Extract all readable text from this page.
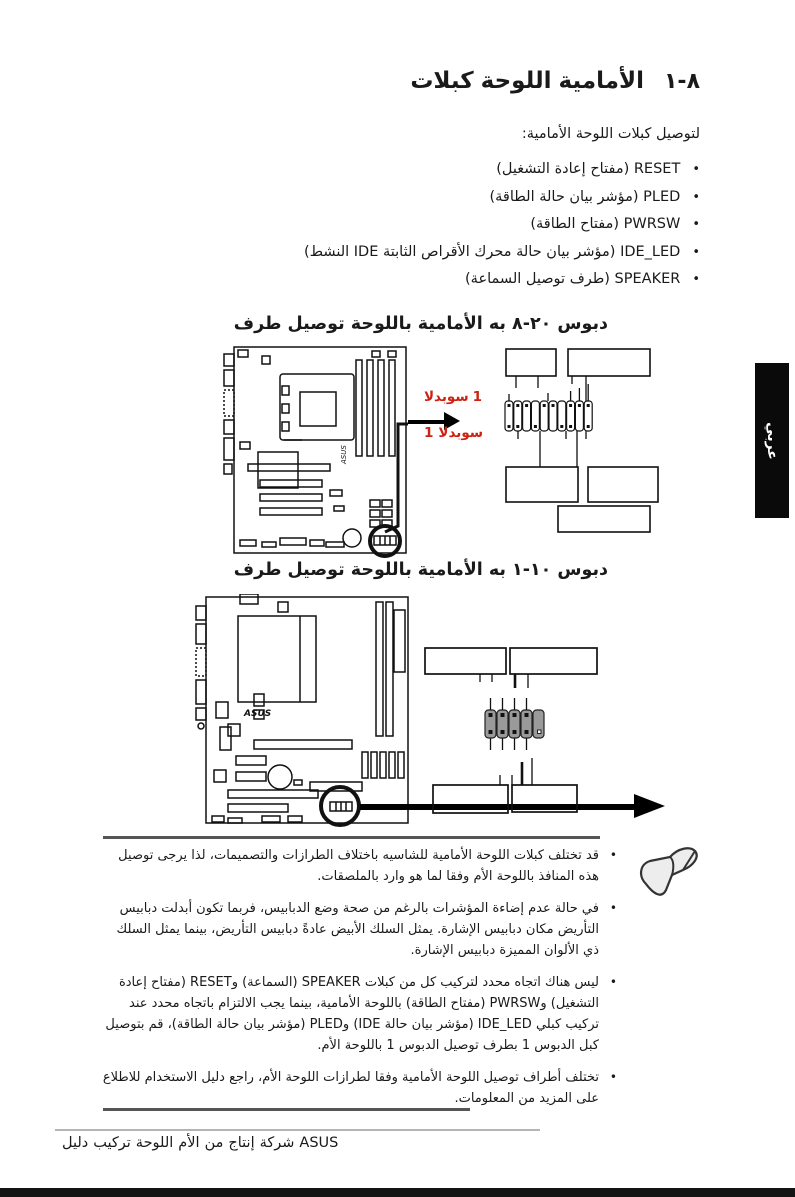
كبلات اللوحة الأمامية ٨-١
لتوصيل كبلات اللوحة الأمامية:
• RESET (مفتاح إعادة التشغيل)
• PLED (مؤشر بيان حالة الطاقة)
• PWRSW (مفتاح الطاقة)
• IDE_LED (مؤشر بيان حالة محرك الأقراص الثابتة IDE النشط)
• SPEAKER (طرف توصيل السماعة)
طرف توصيل باللوحة الأمامية به ٢٠-٨ دبوس
ASUS
سوبدلا 1
1 سوبدلا	عربي
طرف توصيل باللوحة الأمامية به ١٠-١ دبوس
ASUS
• قد تختلف كبلات اللوحة الأمامية للشاسيه باختلاف الطرازات والتصميمات، لذا يرجى توصيل هذه المنافذ باللوحة الأم وفقا لما هو وارد بالملصقات.
• في حالة عدم إضاءة المؤشرات بالرغم من صحة وضع الدبابيس، فربما تكون أبدلت دبابيس التأريض مكان دبابيس الإشارة. يمثل السلك الأبيض عادةً دبابيس التأريض، بينما يمثل السلك ذي الألوان المميزة دبابيس الإشارة.
• ليس هناك اتجاه محدد لتركيب كل من كبلات SPEAKER (السماعة) وRESET (مفتاح إعادة التشغيل) وPWRSW (مفتاح الطاقة) باللوحة الأمامية، بينما يجب الالتزام باتجاه محدد عند تركيب كبلي IDE_LED (مؤشر بيان حالة IDE) وPLED (مؤشر بيان حالة الطاقة)، قم بتوصيل كبل الدبوس 1 بطرف توصيل الدبوس 1 باللوحة الأم.
• تختلف أطراف توصيل اللوحة الأمامية وفقا لطرازات اللوحة الأم، راجع دليل الاستخدام للاطلاع على المزيد من المعلومات.
دليل تركيب اللوحة الأم من إنتاج شركة ASUS
